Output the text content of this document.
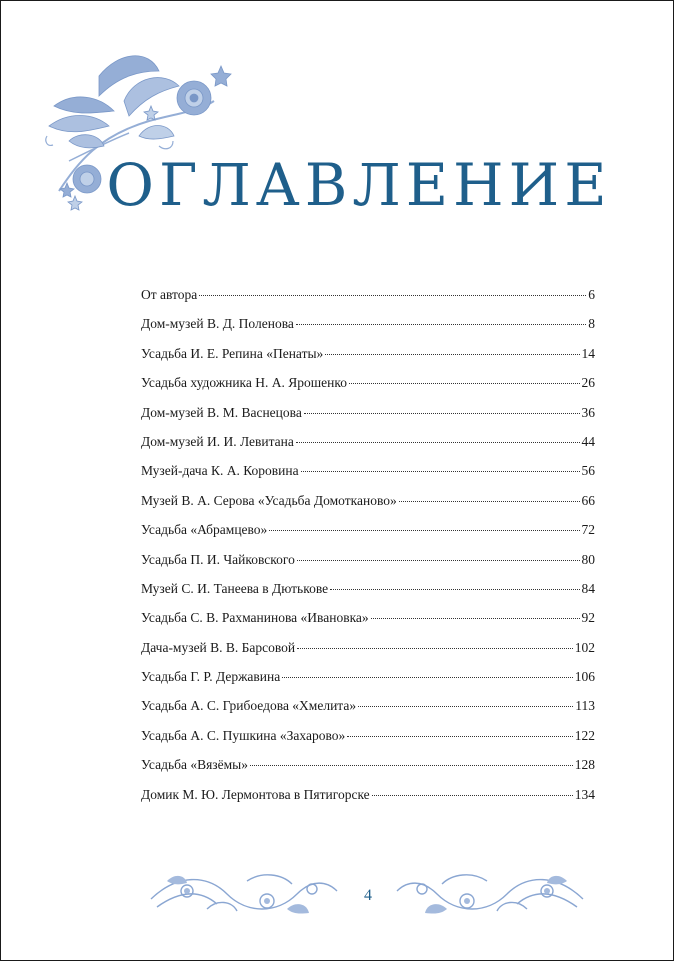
ОГЛАВЛЕНИЕ
От автора	6
Дом-музей В. Д. Поленова	8
Усадьба И. Е. Репина «Пенаты»	14
Усадьба художника Н. А. Ярошенко	26
Дом-музей В. М. Васнецова	36
Дом-музей И. И. Левитана	44
Музей-дача К. А. Коровина	56
Музей В. А. Серова «Усадьба Домотканово»	66
Усадьба «Абрамцево»	72
Усадьба П. И. Чайковского	80
Музей С. И. Танеева в Дютькове	84
Усадьба С. В. Рахманинова «Ивановка»	92
Дача-музей В. В. Барсовой	102
Усадьба Г. Р. Державина	106
Усадьба А. С. Грибоедова «Хмелита»	113
Усадьба А. С. Пушкина «Захарово»	122
Усадьба «Вязёмы»	128
Домик М. Ю. Лермонтова в Пятигорске	134
4
